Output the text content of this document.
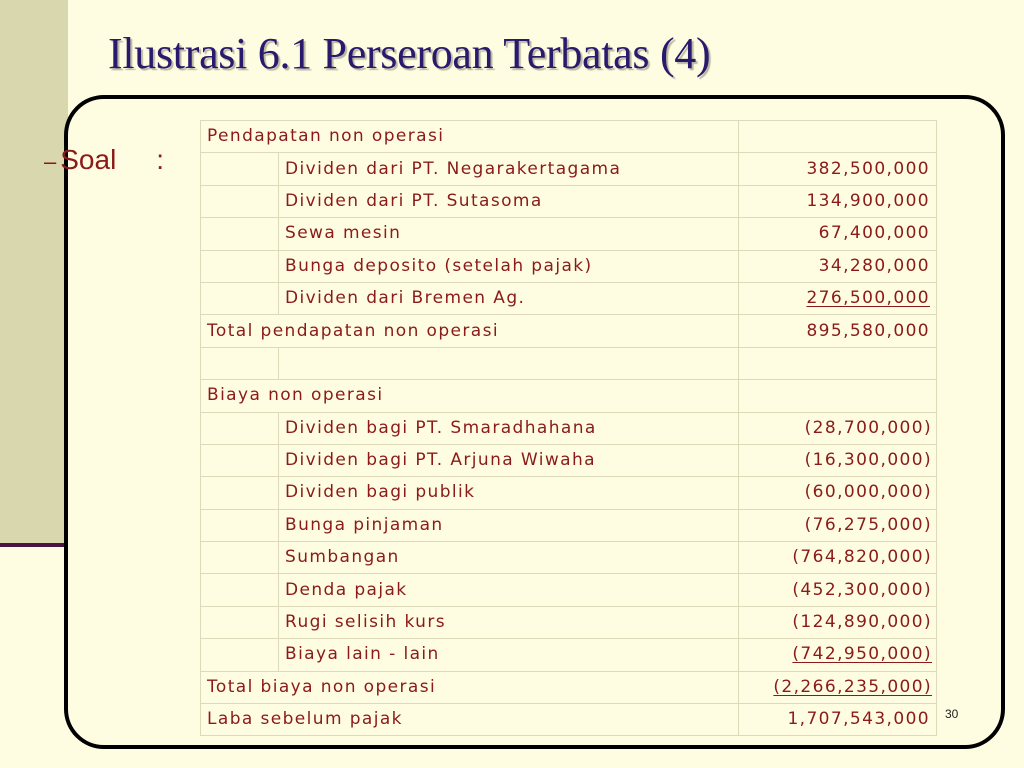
Ilustrasi 6.1 Perseroan Terbatas (4)
– Soal :
Pendapatan non operasi		
	Dividen dari PT. Negarakertagama	382,500,000
	Dividen dari PT. Sutasoma	134,900,000
	Sewa mesin	67,400,000
	Bunga deposito (setelah pajak)	34,280,000
	Dividen dari Bremen Ag.	276,500,000
Total pendapatan non operasi		895,580,000

Biaya non operasi		
	Dividen bagi PT. Smaradhahana	(28,700,000)
	Dividen bagi PT. Arjuna Wiwaha	(16,300,000)
	Dividen bagi publik	(60,000,000)
	Bunga pinjaman	(76,275,000)
	Sumbangan	(764,820,000)
	Denda pajak	(452,300,000)
	Rugi selisih kurs	(124,890,000)
	Biaya lain - lain	(742,950,000)
Total biaya non operasi		(2,266,235,000)
Laba sebelum pajak		1,707,543,000 30
